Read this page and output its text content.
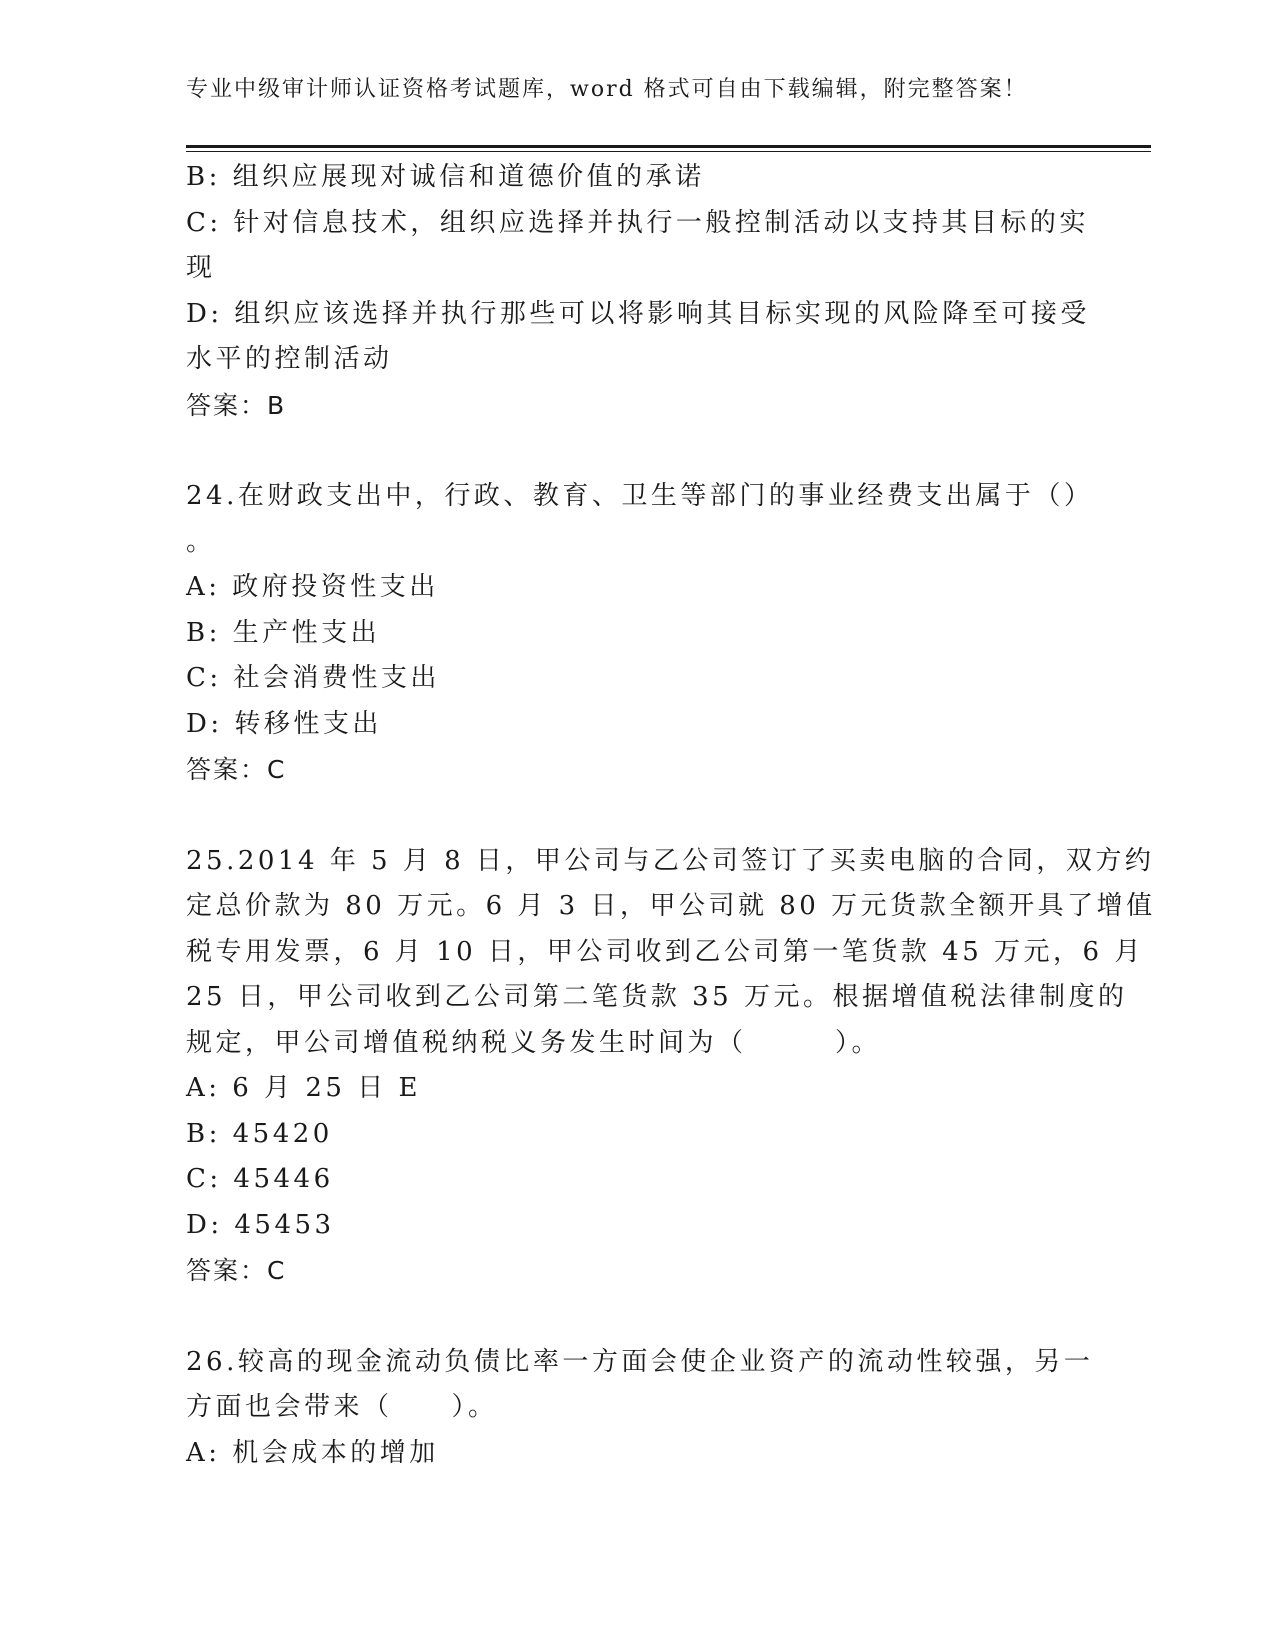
专业中级审计师认证资格考试题库，word 格式可自由下载编辑，附完整答案！
B: 组织应展现对诚信和道德价值的承诺
C: 针对信息技术，组织应选择并执行一般控制活动以支持其目标的实
现
D: 组织应该选择并执行那些可以将影响其目标实现的风险降至可接受
水平的控制活动
答案：B
24.在财政支出中，行政、教育、卫生等部门的事业经费支出属于（）
。
A: 政府投资性支出
B: 生产性支出
C: 社会消费性支出
D: 转移性支出
答案：C
25.2014 年 5 月 8 日，甲公司与乙公司签订了买卖电脑的合同，双方约
定总价款为 80 万元。6 月 3 日，甲公司就 80 万元货款全额开具了增值
税专用发票，6 月 10 日，甲公司收到乙公司第一笔货款 45 万元，6 月
25 日，甲公司收到乙公司第二笔货款 35 万元。根据增值税法律制度的
规定，甲公司增值税纳税义务发生时间为（　　　）。
A: 6 月 25 日 E
B: 45420
C: 45446
D: 45453
答案：C
26.较高的现金流动负债比率一方面会使企业资产的流动性较强，另一
方面也会带来（　　）。
A: 机会成本的增加
